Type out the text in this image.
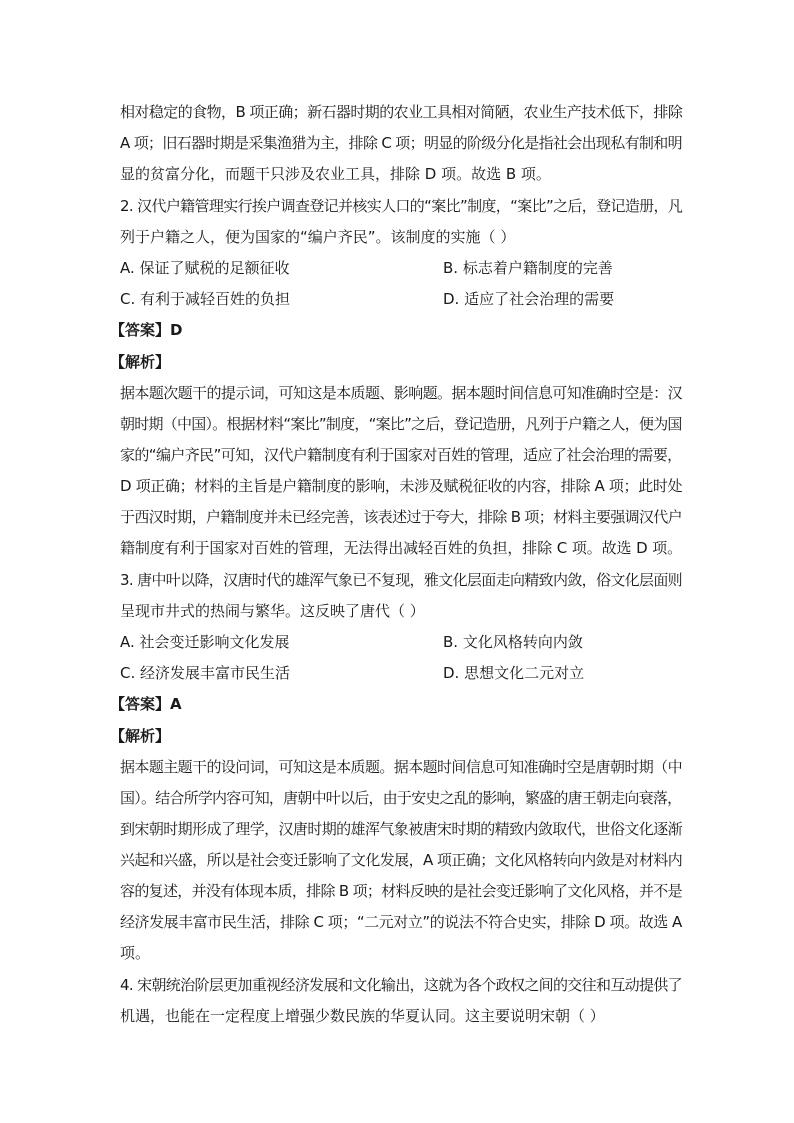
相对稳定的食物，B 项正确；新石器时期的农业工具相对简陋，农业生产技术低下，排除
A 项；旧石器时期是采集渔猎为主，排除 C 项；明显的阶级分化是指社会出现私有制和明
显的贫富分化，而题干只涉及农业工具，排除 D 项。故选 B 项。
2. 汉代户籍管理实行挨户调查登记并核实人口的“案比”制度，“案比”之后，登记造册，凡
列于户籍之人，便为国家的“编户齐民”。该制度的实施（ ）
A. 保证了赋税的足额征收	B. 标志着户籍制度的完善
C. 有利于减轻百姓的负担	D. 适应了社会治理的需要
【答案】D
【解析】
据本题次题干的提示词，可知这是本质题、影响题。据本题时间信息可知准确时空是：汉
朝时期（中国）。根据材料“案比”制度，“案比”之后，登记造册，凡列于户籍之人，便为国
家的“编户齐民”可知，汉代户籍制度有利于国家对百姓的管理，适应了社会治理的需要，
D 项正确；材料的主旨是户籍制度的影响，未涉及赋税征收的内容，排除 A 项；此时处
于西汉时期，户籍制度并未已经完善，该表述过于夸大，排除 B 项；材料主要强调汉代户
籍制度有利于国家对百姓的管理，无法得出减轻百姓的负担，排除 C 项。故选 D 项。
3. 唐中叶以降，汉唐时代的雄浑气象已不复现，雅文化层面走向精致内敛，俗文化层面则
呈现市井式的热闹与繁华。这反映了唐代（ ）
A. 社会变迁影响文化发展	B. 文化风格转向内敛
C. 经济发展丰富市民生活	D. 思想文化二元对立
【答案】A
【解析】
据本题主题干的设问词，可知这是本质题。据本题时间信息可知准确时空是唐朝时期（中
国）。结合所学内容可知，唐朝中叶以后，由于安史之乱的影响，繁盛的唐王朝走向衰落，
到宋朝时期形成了理学，汉唐时期的雄浑气象被唐宋时期的精致内敛取代，世俗文化逐渐
兴起和兴盛，所以是社会变迁影响了文化发展，A 项正确；文化风格转向内敛是对材料内
容的复述，并没有体现本质，排除 B 项；材料反映的是社会变迁影响了文化风格，并不是
经济发展丰富市民生活，排除 C 项；“二元对立”的说法不符合史实，排除 D 项。故选 A
项。
4. 宋朝统治阶层更加重视经济发展和文化输出，这就为各个政权之间的交往和互动提供了
机遇，也能在一定程度上增强少数民族的华夏认同。这主要说明宋朝（ ）
